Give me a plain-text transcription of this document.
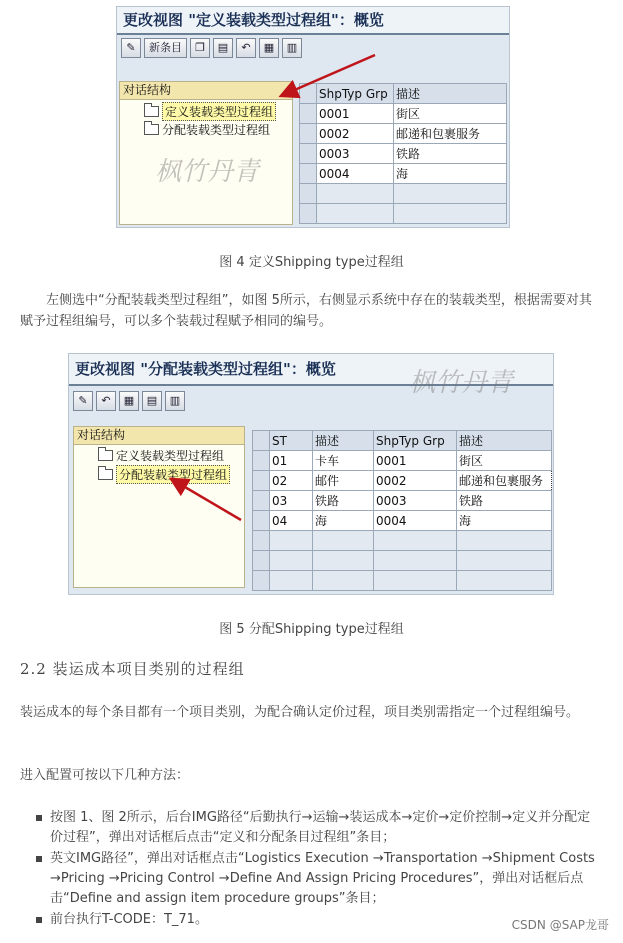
更改视图 "定义装载类型过程组"：概览
✎	新条目	❐	▤	↶	▦	▥
对话结构
定义装载类型过程组
分配装载类型过程组
	ShpTyp Grp	描述
	0001	街区
	0002	邮递和包裹服务
	0003	铁路
	0004	海

枫竹丹青
图 4 定义Shipping type过程组
左侧选中“分配装载类型过程组”，如图 5所示，右侧显示系统中存在的装载类型，根据需要对其赋予过程组编号，可以多个装载过程赋予相同的编号。
更改视图 "分配装载类型过程组"：概览
✎	↶	▦	▤	▥
对话结构
定义装载类型过程组
分配装载类型过程组
	ST	描述	ShpTyp Grp	描述
	01	卡车	0001	街区
	02	邮件	0002	邮递和包裹服务
	03	铁路	0003	铁路
	04	海	0004	海

枫竹丹青
图 5 分配Shipping type过程组
2.2 装运成本项目类别的过程组
装运成本的每个条目都有一个项目类别，为配合确认定价过程，项目类别需指定一个过程组编号。
进入配置可按以下几种方法：
按图 1、图 2所示，后台IMG路径“后勤执行→运输→装运成本→定价→定价控制→定义并分配定价过程”，弹出对话框后点击“定义和分配条目过程组”条目；
英文IMG路径”，弹出对话框点击“Logistics Execution →Transportation →Shipment Costs →Pricing →Pricing Control →Define And Assign Pricing Procedures”，弹出对话框后点击“Define and assign item procedure groups”条目；
前台执行T-CODE：T_71。	CSDN @SAP龙哥
